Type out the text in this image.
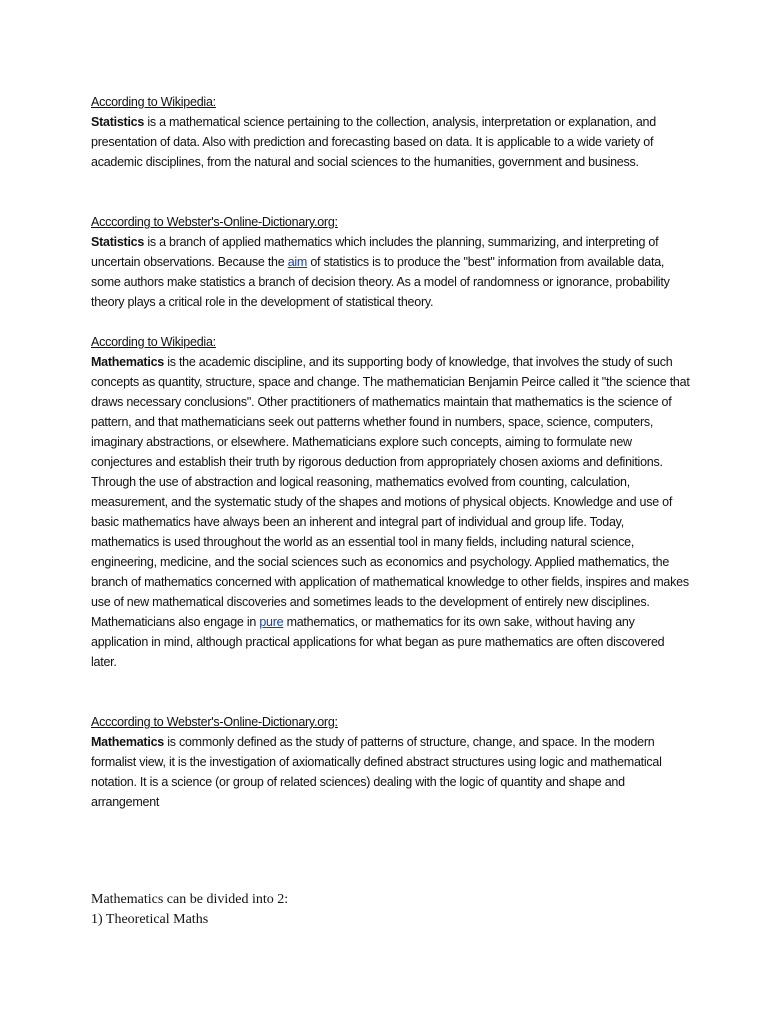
According to Wikipedia:
Statistics is a mathematical science pertaining to the collection, analysis, interpretation or explanation, and presentation of data. Also with prediction and forecasting based on data. It is applicable to a wide variety of academic disciplines, from the natural and social sciences to the humanities, government and business.
Acccording to Webster's-Online-Dictionary.org:
Statistics is a branch of applied mathematics which includes the planning, summarizing, and interpreting of uncertain observations. Because the aim of statistics is to produce the "best" information from available data, some authors make statistics a branch of decision theory. As a model of randomness or ignorance, probability theory plays a critical role in the development of statistical theory.
According to Wikipedia:
Mathematics is the academic discipline, and its supporting body of knowledge, that involves the study of such concepts as quantity, structure, space and change. The mathematician Benjamin Peirce called it "the science that draws necessary conclusions". Other practitioners of mathematics maintain that mathematics is the science of pattern, and that mathematicians seek out patterns whether found in numbers, space, science, computers, imaginary abstractions, or elsewhere. Mathematicians explore such concepts, aiming to formulate new conjectures and establish their truth by rigorous deduction from appropriately chosen axioms and definitions.
Through the use of abstraction and logical reasoning, mathematics evolved from counting, calculation, measurement, and the systematic study of the shapes and motions of physical objects. Knowledge and use of basic mathematics have always been an inherent and integral part of individual and group life. Today, mathematics is used throughout the world as an essential tool in many fields, including natural science, engineering, medicine, and the social sciences such as economics and psychology. Applied mathematics, the branch of mathematics concerned with application of mathematical knowledge to other fields, inspires and makes use of new mathematical discoveries and sometimes leads to the development of entirely new disciplines. Mathematicians also engage in pure mathematics, or mathematics for its own sake, without having any application in mind, although practical applications for what began as pure mathematics are often discovered later.
Acccording to Webster's-Online-Dictionary.org:
Mathematics is commonly defined as the study of patterns of structure, change, and space. In the modern formalist view, it is the investigation of axiomatically defined abstract structures using logic and mathematical notation. It is a science (or group of related sciences) dealing with the logic of quantity and shape and arrangement
Mathematics can be divided into 2:
1) Theoretical Maths
